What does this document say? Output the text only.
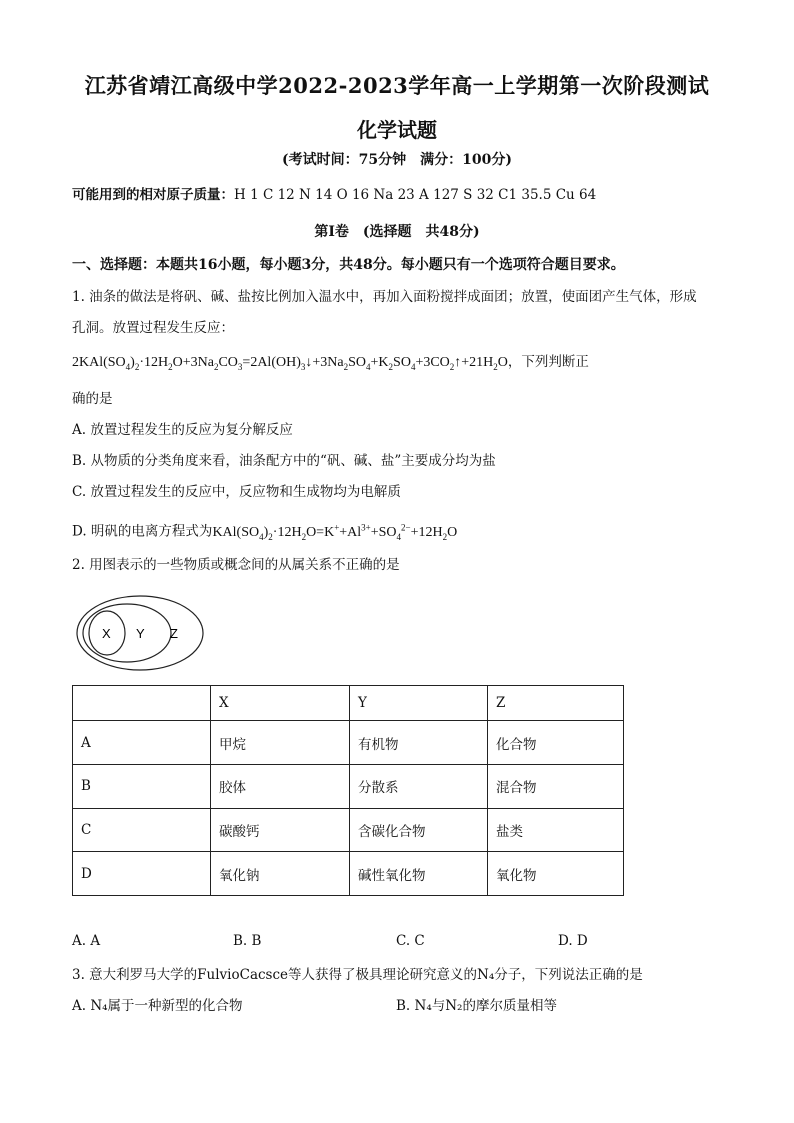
江苏省靖江高级中学2022-2023学年高一上学期第一次阶段测试
化学试题
(考试时间：75分钟　满分：100分)
可能用到的相对原子质量：H 1 C 12 N 14 O 16 Na 23 A 127 S 32 C1 35.5 Cu 64
第Ⅰ卷　(选择题　共48分)
一、选择题：本题共16小题，每小题3分，共48分。每小题只有一个选项符合题目要求。
1. 油条的做法是将矾、碱、盐按比例加入温水中，再加入面粉搅拌成面团；放置，使面团产生气体，形成
孔洞。放置过程发生反应：
$2KAl(SO_4)_2\cdot 12H_2O+3Na_2CO_3=2Al(OH)_3↓+3Na_2SO_4+K_2SO_4+3CO_2↑+21H_2O$，下列判断正
确的是
A. 放置过程发生的反应为复分解反应
B. 从物质的分类角度来看，油条配方中的“矾、碱、盐”主要成分均为盐
C. 放置过程发生的反应中，反应物和生成物均为电解质
D. 明矾的电离方程式为$KAl(SO_4)_2\cdot 12H_2O=K^++Al^{3+}+SO_4^{2-}+12H_2O$
2. 用图表示的一些物质或概念间的从属关系不正确的是
X Y Z
	X	Y	Z
A	甲烷	有机物	化合物
B	胶体	分散系	混合物
C	碳酸钙	含碳化合物	盐类
D	氧化钠	碱性氧化物	氧化物
A. A	B. B	C. C	D. D
3. 意大利罗马大学的FulvioCacsce等人获得了极具理论研究意义的N₄分子，下列说法正确的是
A. N₄属于一种新型的化合物	B. N₄与N₂的摩尔质量相等
